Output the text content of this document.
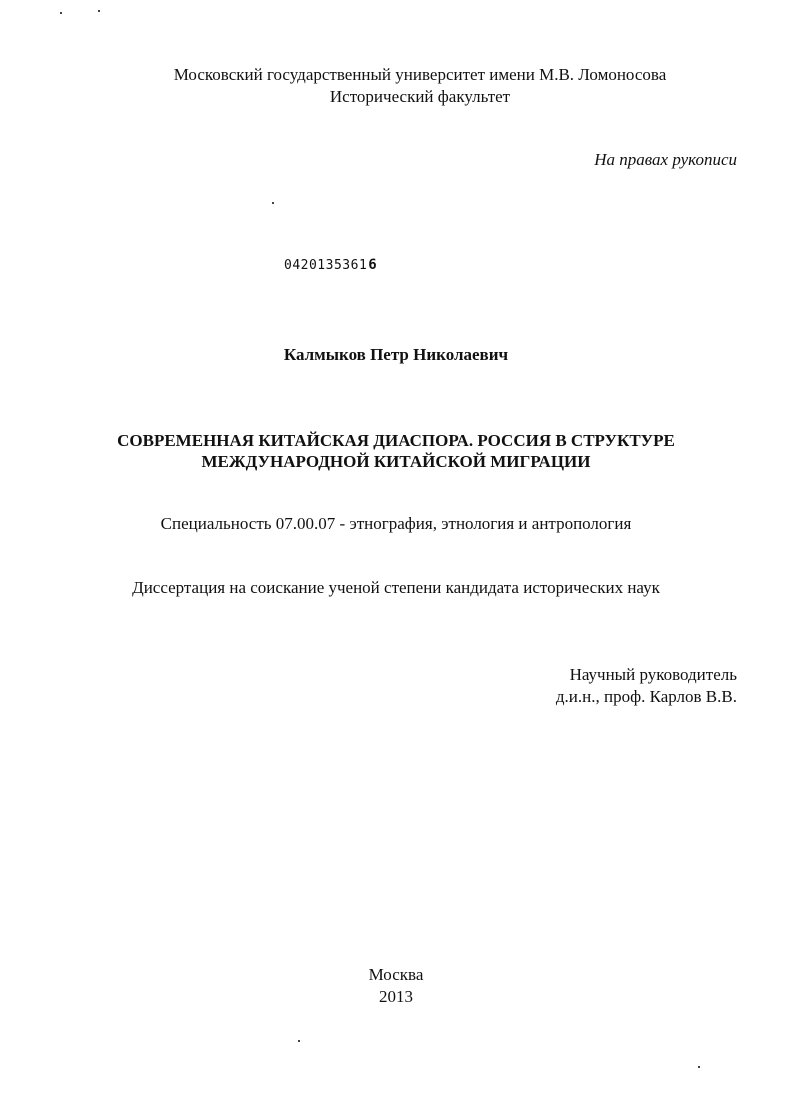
Московский государственный университет имени М.В. Ломоносова
Исторический факультет
На правах рукописи
04201353616
Калмыков Петр Николаевич
СОВРЕМЕННАЯ КИТАЙСКАЯ ДИАСПОРА. РОССИЯ В СТРУКТУРЕ
МЕЖДУНАРОДНОЙ КИТАЙСКОЙ МИГРАЦИИ
Специальность 07.00.07 - этнография, этнология и антропология
Диссертация на соискание ученой степени кандидата исторических наук
Научный руководитель
д.и.н., проф. Карлов В.В.
Москва
2013
